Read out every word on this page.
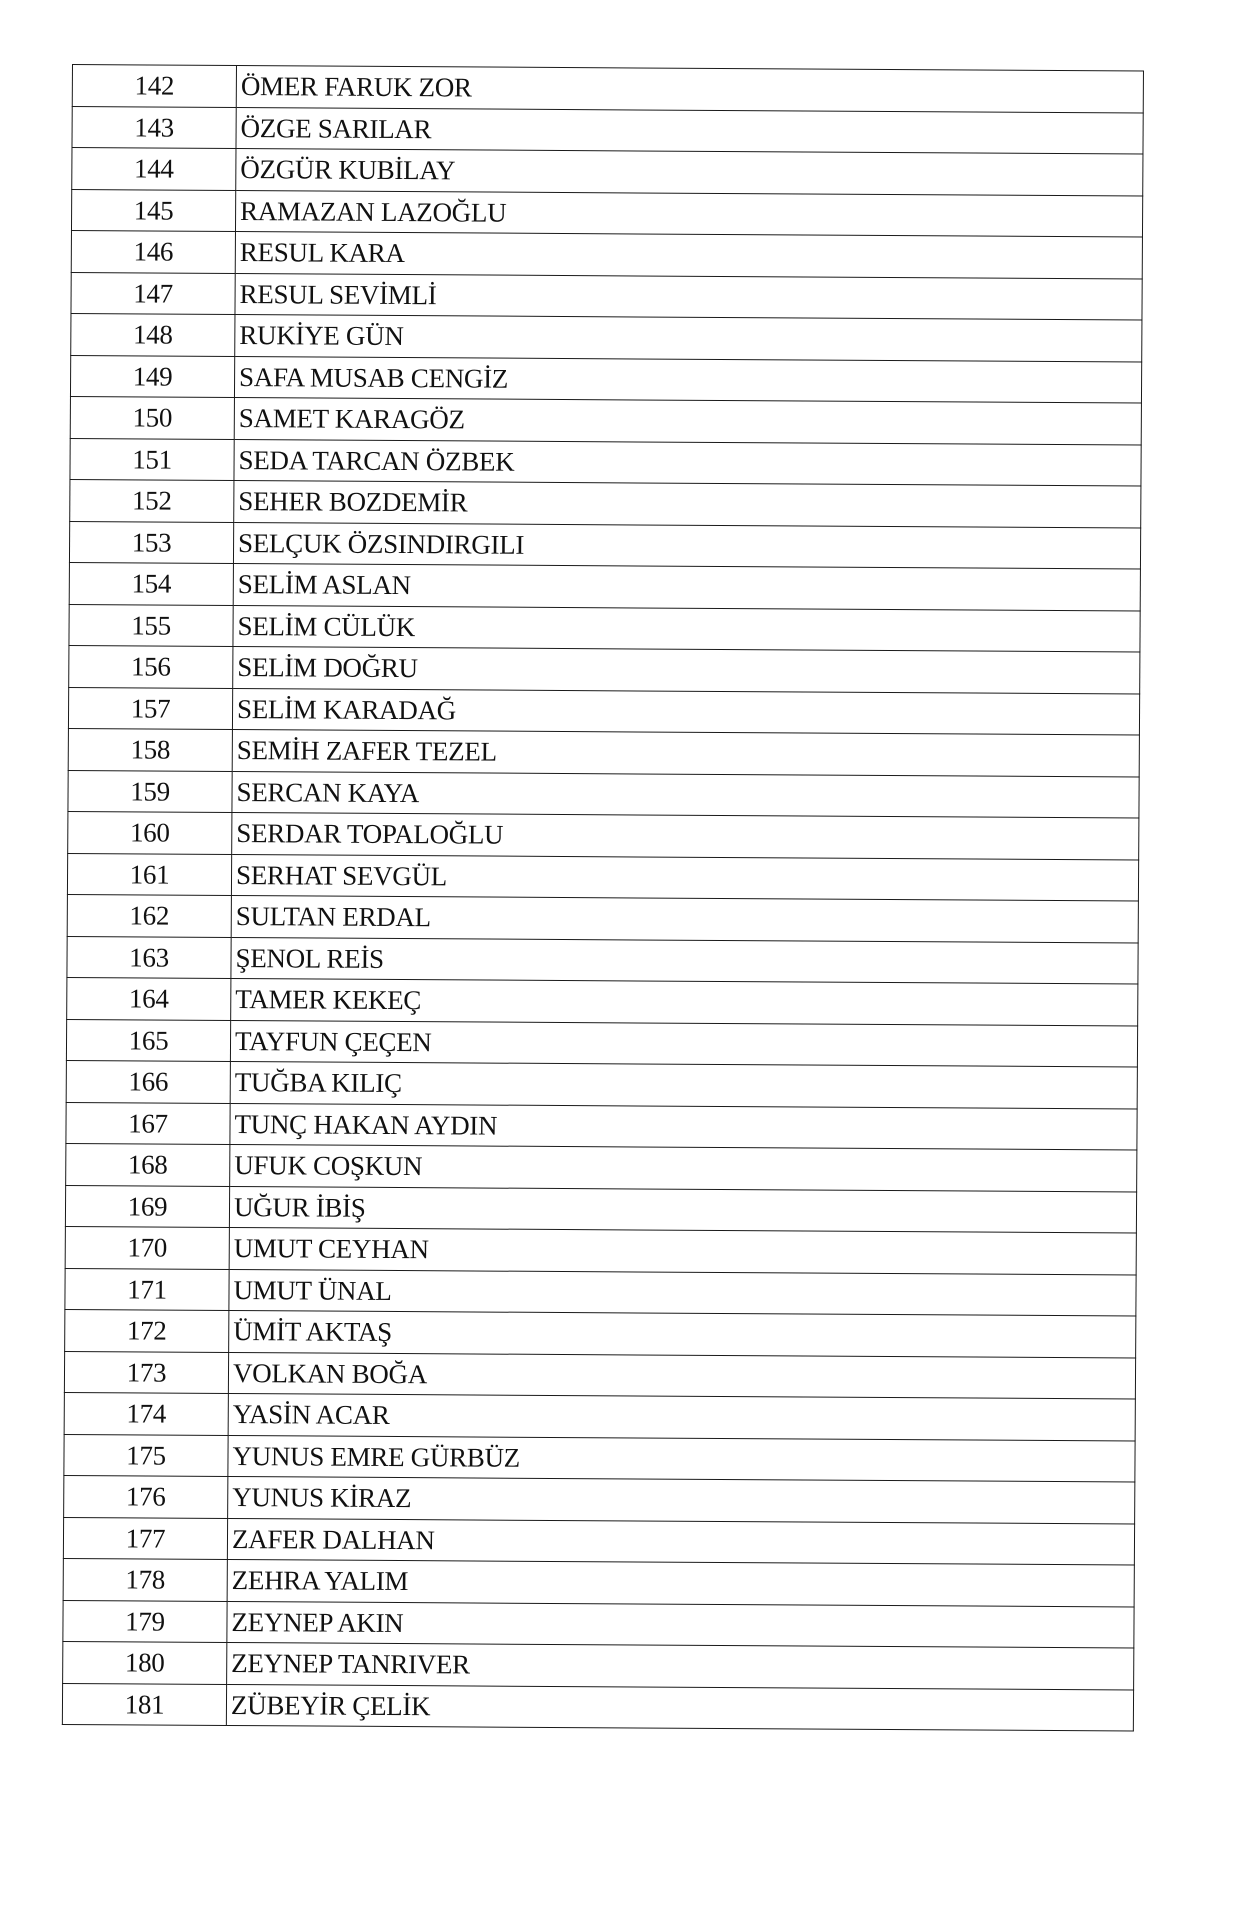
142	ÖMER FARUK ZOR
143	ÖZGE SARILAR
144	ÖZGÜR KUBİLAY
145	RAMAZAN LAZOĞLU
146	RESUL KARA
147	RESUL SEVİMLİ
148	RUKİYE GÜN
149	SAFA MUSAB CENGİZ
150	SAMET KARAGÖZ
151	SEDA TARCAN ÖZBEK
152	SEHER BOZDEMİR
153	SELÇUK ÖZSINDIRGILI
154	SELİM ASLAN
155	SELİM CÜLÜK
156	SELİM DOĞRU
157	SELİM KARADAĞ
158	SEMİH ZAFER TEZEL
159	SERCAN KAYA
160	SERDAR TOPALOĞLU
161	SERHAT SEVGÜL
162	SULTAN ERDAL
163	ŞENOL REİS
164	TAMER KEKEÇ
165	TAYFUN ÇEÇEN
166	TUĞBA KILIÇ
167	TUNÇ HAKAN AYDIN
168	UFUK COŞKUN
169	UĞUR İBİŞ
170	UMUT CEYHAN
171	UMUT ÜNAL
172	ÜMİT AKTAŞ
173	VOLKAN BOĞA
174	YASİN ACAR
175	YUNUS EMRE GÜRBÜZ
176	YUNUS KİRAZ
177	ZAFER DALHAN
178	ZEHRA YALIM
179	ZEYNEP AKIN
180	ZEYNEP TANRIVER
181	ZÜBEYİR ÇELİK
